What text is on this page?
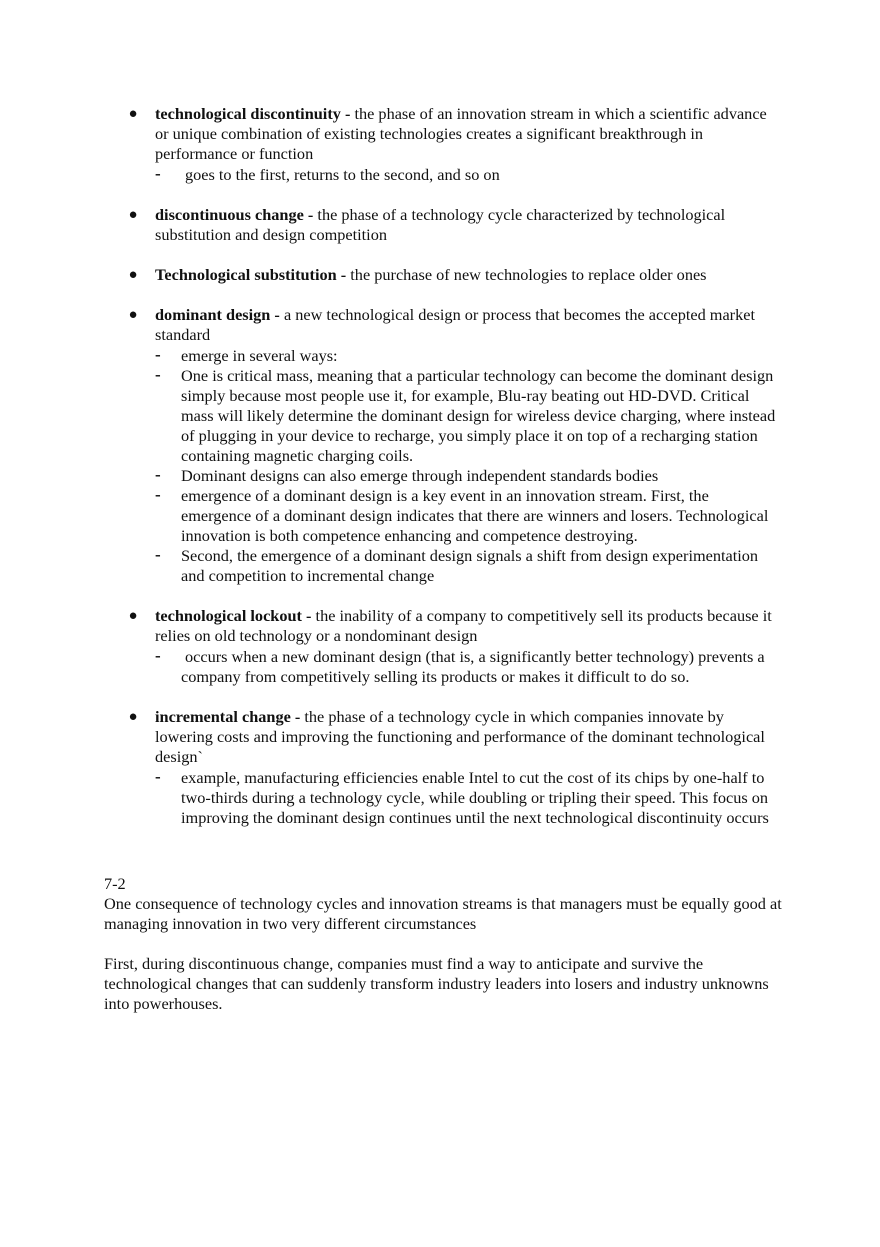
● technological discontinuity - the phase of an innovation stream in which a scientific advance or unique combination of existing technologies creates a significant breakthrough in performance or function
- goes to the first, returns to the second, and so on
● discontinuous change - the phase of a technology cycle characterized by technological substitution and design competition
● Technological substitution - the purchase of new technologies to replace older ones
● dominant design - a new technological design or process that becomes the accepted market standard
- emerge in several ways:
- One is critical mass, meaning that a particular technology can become the dominant design simply because most people use it, for example, Blu-ray beating out HD-DVD. Critical mass will likely determine the dominant design for wireless device charging, where instead of plugging in your device to recharge, you simply place it on top of a recharging station containing magnetic charging coils.
- Dominant designs can also emerge through independent standards bodies
- emergence of a dominant design is a key event in an innovation stream. First, the emergence of a dominant design indicates that there are winners and losers. Technological innovation is both competence enhancing and competence destroying.
- Second, the emergence of a dominant design signals a shift from design experimentation and competition to incremental change
● technological lockout - the inability of a company to competitively sell its products because it relies on old technology or a nondominant design
- occurs when a new dominant design (that is, a significantly better technology) prevents a company from competitively selling its products or makes it difficult to do so.
● incremental change - the phase of a technology cycle in which companies innovate by lowering costs and improving the functioning and performance of the dominant technological design`
- example, manufacturing efficiencies enable Intel to cut the cost of its chips by one-half to two-thirds during a technology cycle, while doubling or tripling their speed. This focus on improving the dominant design continues until the next technological discontinuity occurs
7-2

One consequence of technology cycles and innovation streams is that managers must be equally good at managing innovation in two very different circumstances

First, during discontinuous change, companies must find a way to anticipate and survive the technological changes that can suddenly transform industry leaders into losers and industry unknowns into powerhouses.
